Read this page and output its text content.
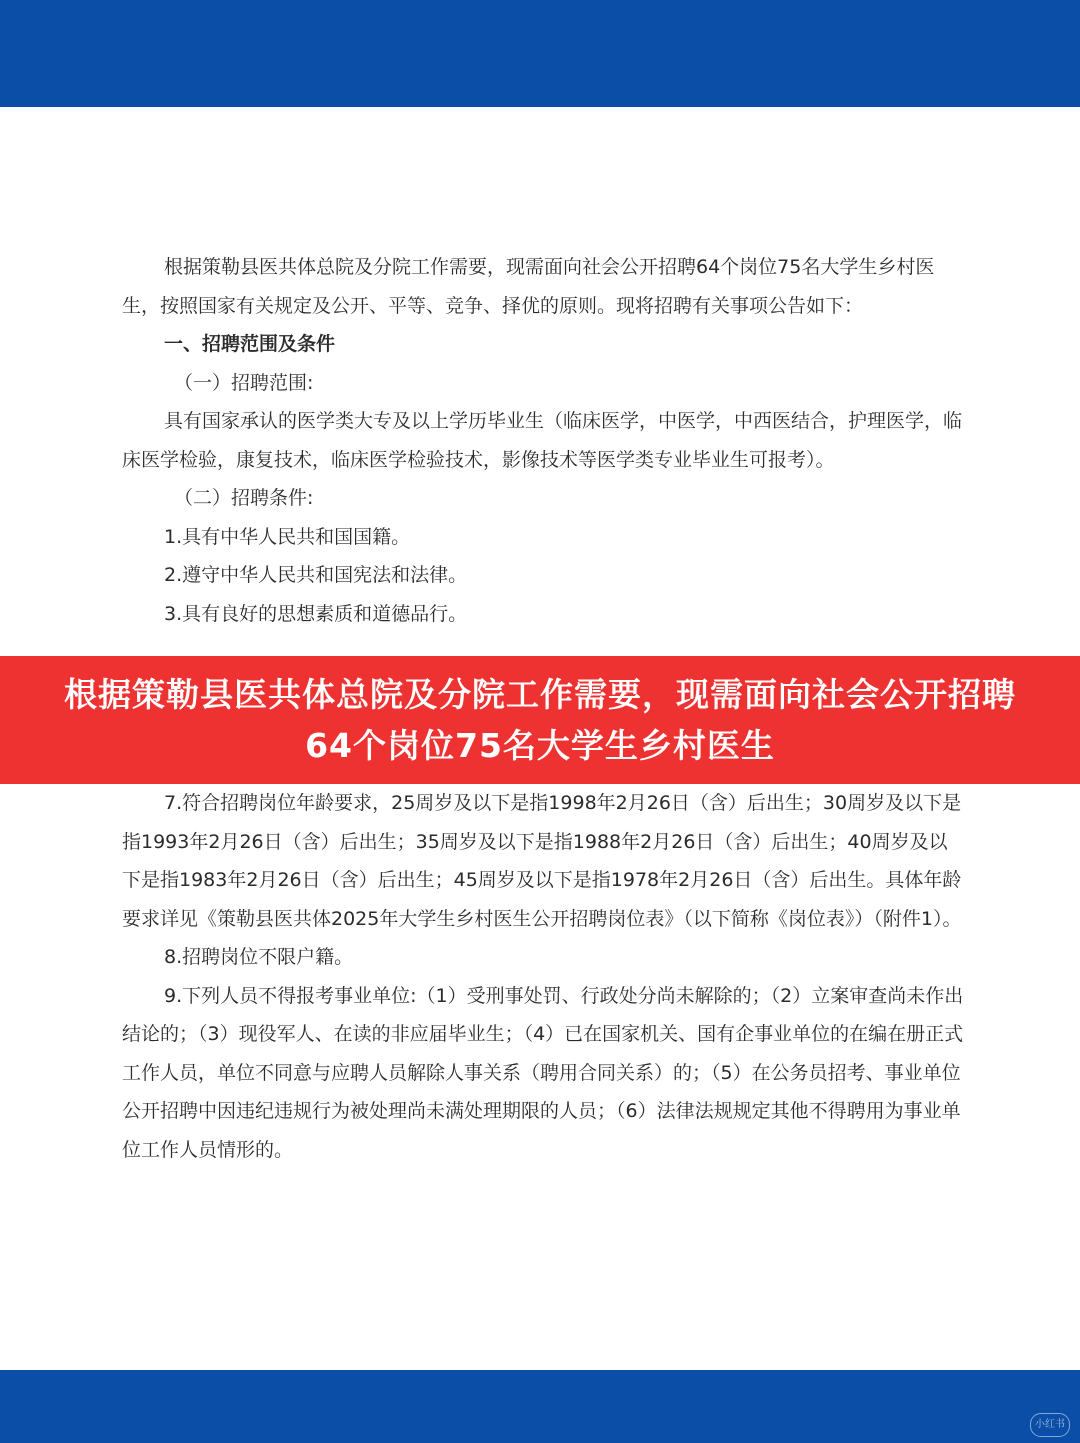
根据策勒县医共体总院及分院工作需要，现需面向社会公开招聘64个岗位75名大学生乡村医生，按照国家有关规定及公开、平等、竞争、择优的原则。现将招聘有关事项公告如下：

一、招聘范围及条件

（一）招聘范围:

具有国家承认的医学类大专及以上学历毕业生（临床医学，中医学，中西医结合，护理医学，临床医学检验，康复技术，临床医学检验技术，影像技术等医学类专业毕业生可报考）。

（二）招聘条件:

1.具有中华人民共和国国籍。

2.遵守中华人民共和国宪法和法律。

3.具有良好的思想素质和道德品行。

7.符合招聘岗位年龄要求，25周岁及以下是指1998年2月26日（含）后出生；30周岁及以下是指1993年2月26日（含）后出生；35周岁及以下是指1988年2月26日（含）后出生；40周岁及以下是指1983年2月26日（含）后出生；45周岁及以下是指1978年2月26日（含）后出生。具体年龄要求详见《策勒县医共体2025年大学生乡村医生公开招聘岗位表》（以下简称《岗位表》）（附件1）。

8.招聘岗位不限户籍。

9.下列人员不得报考事业单位:（1）受刑事处罚、行政处分尚未解除的；（2）立案审查尚未作出结论的；（3）现役军人、在读的非应届毕业生；（4）已在国家机关、国有企事业单位的在编在册正式工作人员，单位不同意与应聘人员解除人事关系（聘用合同关系）的；（5）在公务员招考、事业单位公开招聘中因违纪违规行为被处理尚未满处理期限的人员；（6）法律法规规定其他不得聘用为事业单位工作人员情形的。

根据策勒县医共体总院及分院工作需要，现需面向社会公开招聘
64个岗位75名大学生乡村医生
小红书
